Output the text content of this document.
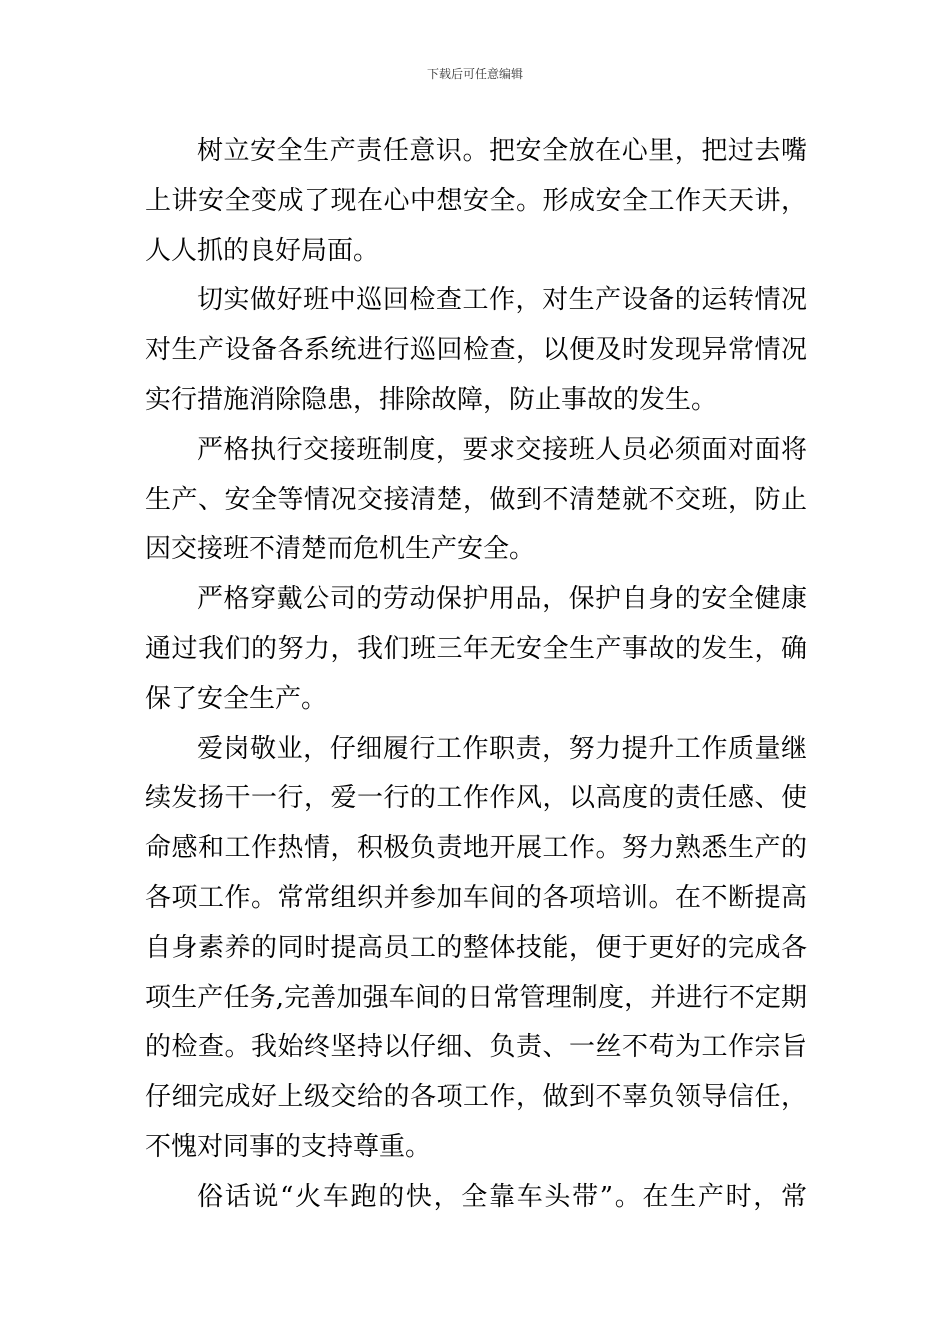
下载后可任意编辑
树立安全生产责任意识。把安全放在心里，把过去嘴
上讲安全变成了现在心中想安全。形成安全工作天天讲，
人人抓的良好局面。
切实做好班中巡回检查工作，对生产设备的运转情况
对生产设备各系统进行巡回检查，以便及时发现异常情况
实行措施消除隐患，排除故障，防止事故的发生。
严格执行交接班制度，要求交接班人员必须面对面将
生产、安全等情况交接清楚，做到不清楚就不交班，防止
因交接班不清楚而危机生产安全。
严格穿戴公司的劳动保护用品，保护自身的安全健康
通过我们的努力，我们班三年无安全生产事故的发生，确
保了安全生产。
爱岗敬业，仔细履行工作职责，努力提升工作质量继
续发扬干一行，爱一行的工作作风，以高度的责任感、使
命感和工作热情，积极负责地开展工作。努力熟悉生产的
各项工作。常常组织并参加车间的各项培训。在不断提高
自身素养的同时提高员工的整体技能，便于更好的完成各
项生产任务,完善加强车间的日常管理制度，并进行不定期
的检查。我始终坚持以仔细、负责、一丝不苟为工作宗旨
仔细完成好上级交给的各项工作，做到不辜负领导信任，
不愧对同事的支持尊重。
俗话说“火车跑的快，全靠车头带”。在生产时，常
